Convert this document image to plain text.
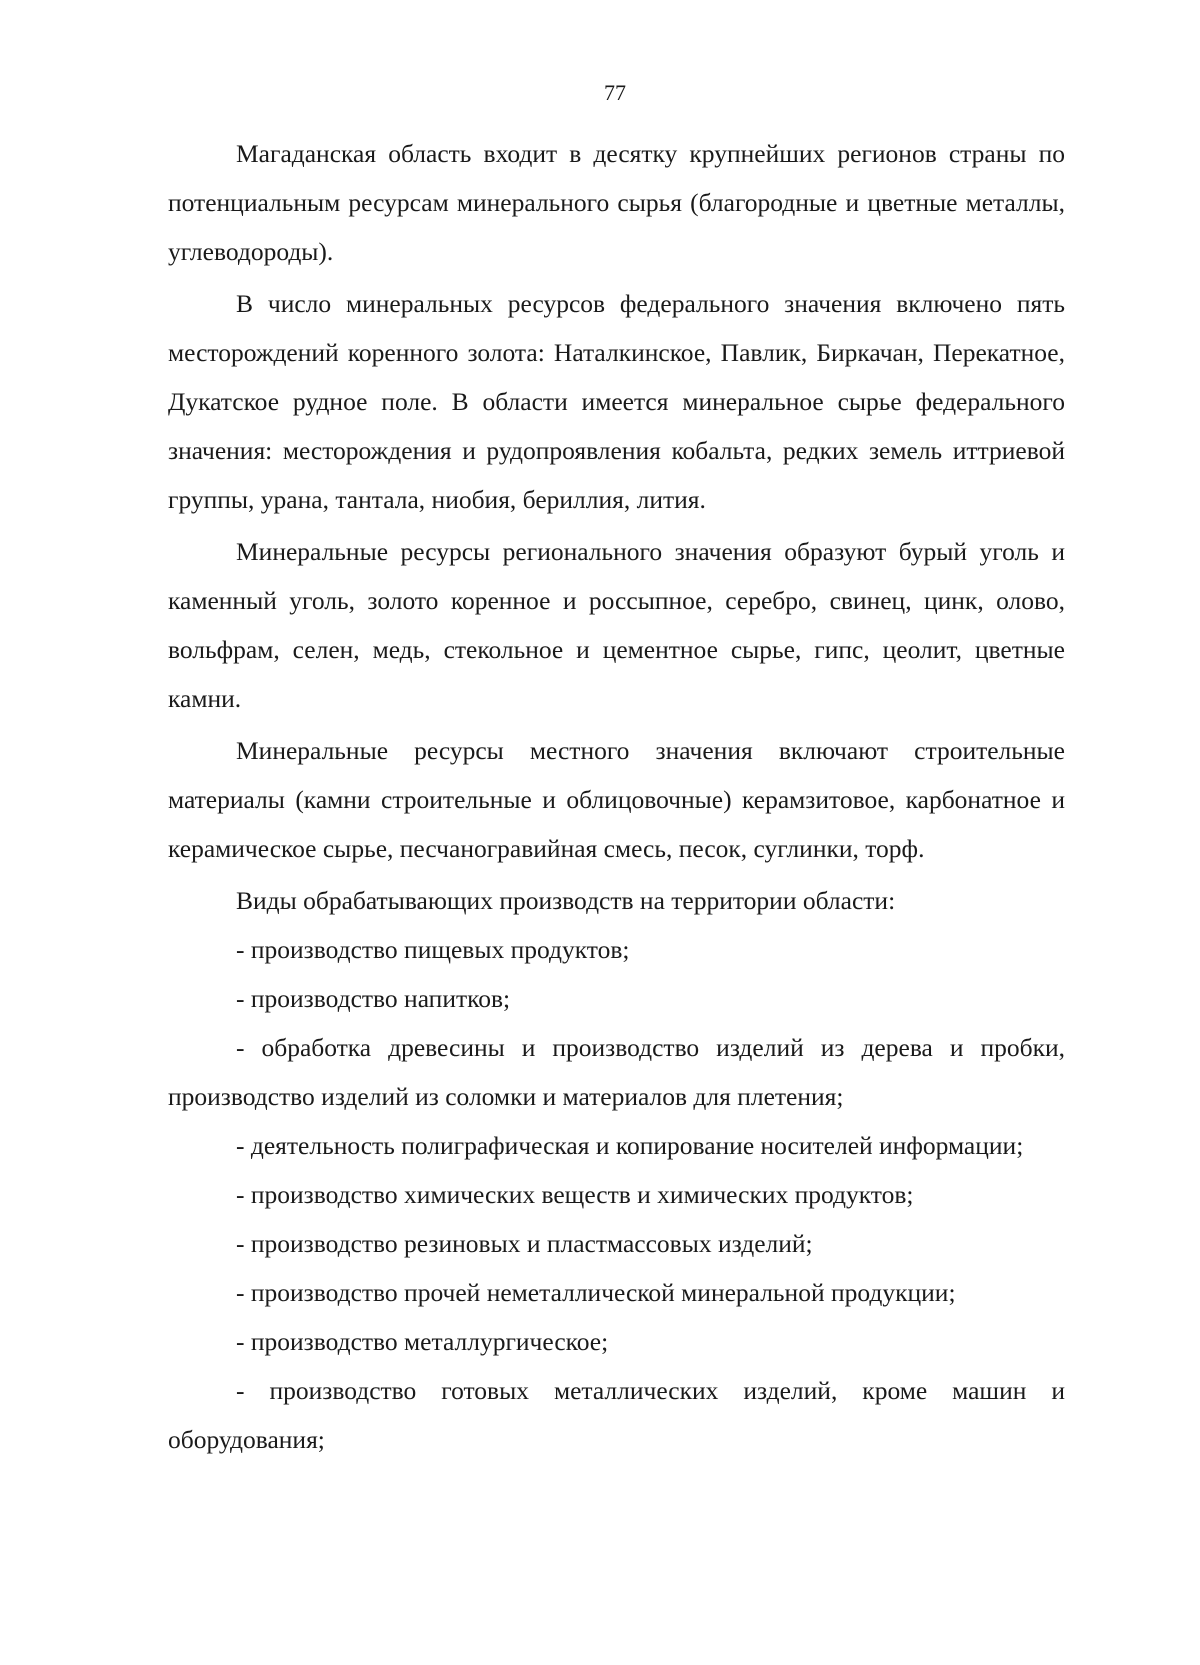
77

Магаданская область входит в десятку крупнейших регионов страны по потенциальным ресурсам минерального сырья (благородные и цветные металлы, углеводороды).

В число минеральных ресурсов федерального значения включено пять месторождений коренного золота: Наталкинское, Павлик, Биркачан, Перекатное, Дукатское рудное поле. В области имеется минеральное сырье федерального значения: месторождения и рудопроявления кобальта, редких земель иттриевой группы, урана, тантала, ниобия, бериллия, лития.

Минеральные ресурсы регионального значения образуют бурый уголь и каменный уголь, золото коренное и россыпное, серебро, свинец, цинк, олово, вольфрам, селен, медь, стекольное и цементное сырье, гипс, цеолит, цветные камни.

Минеральные ресурсы местного значения включают строительные материалы (камни строительные и облицовочные) керамзитовое, карбонатное и керамическое сырье, песчаногравийная смесь, песок, суглинки, торф.

Виды обрабатывающих производств на территории области:

- производство пищевых продуктов;

- производство напитков;

- обработка древесины и производство изделий из дерева и пробки, производство изделий из соломки и материалов для плетения;

- деятельность полиграфическая и копирование носителей информации;

- производство химических веществ и химических продуктов;

- производство резиновых и пластмассовых изделий;

- производство прочей неметаллической минеральной продукции;

- производство металлургическое;

- производство готовых металлических изделий, кроме машин и оборудования;
